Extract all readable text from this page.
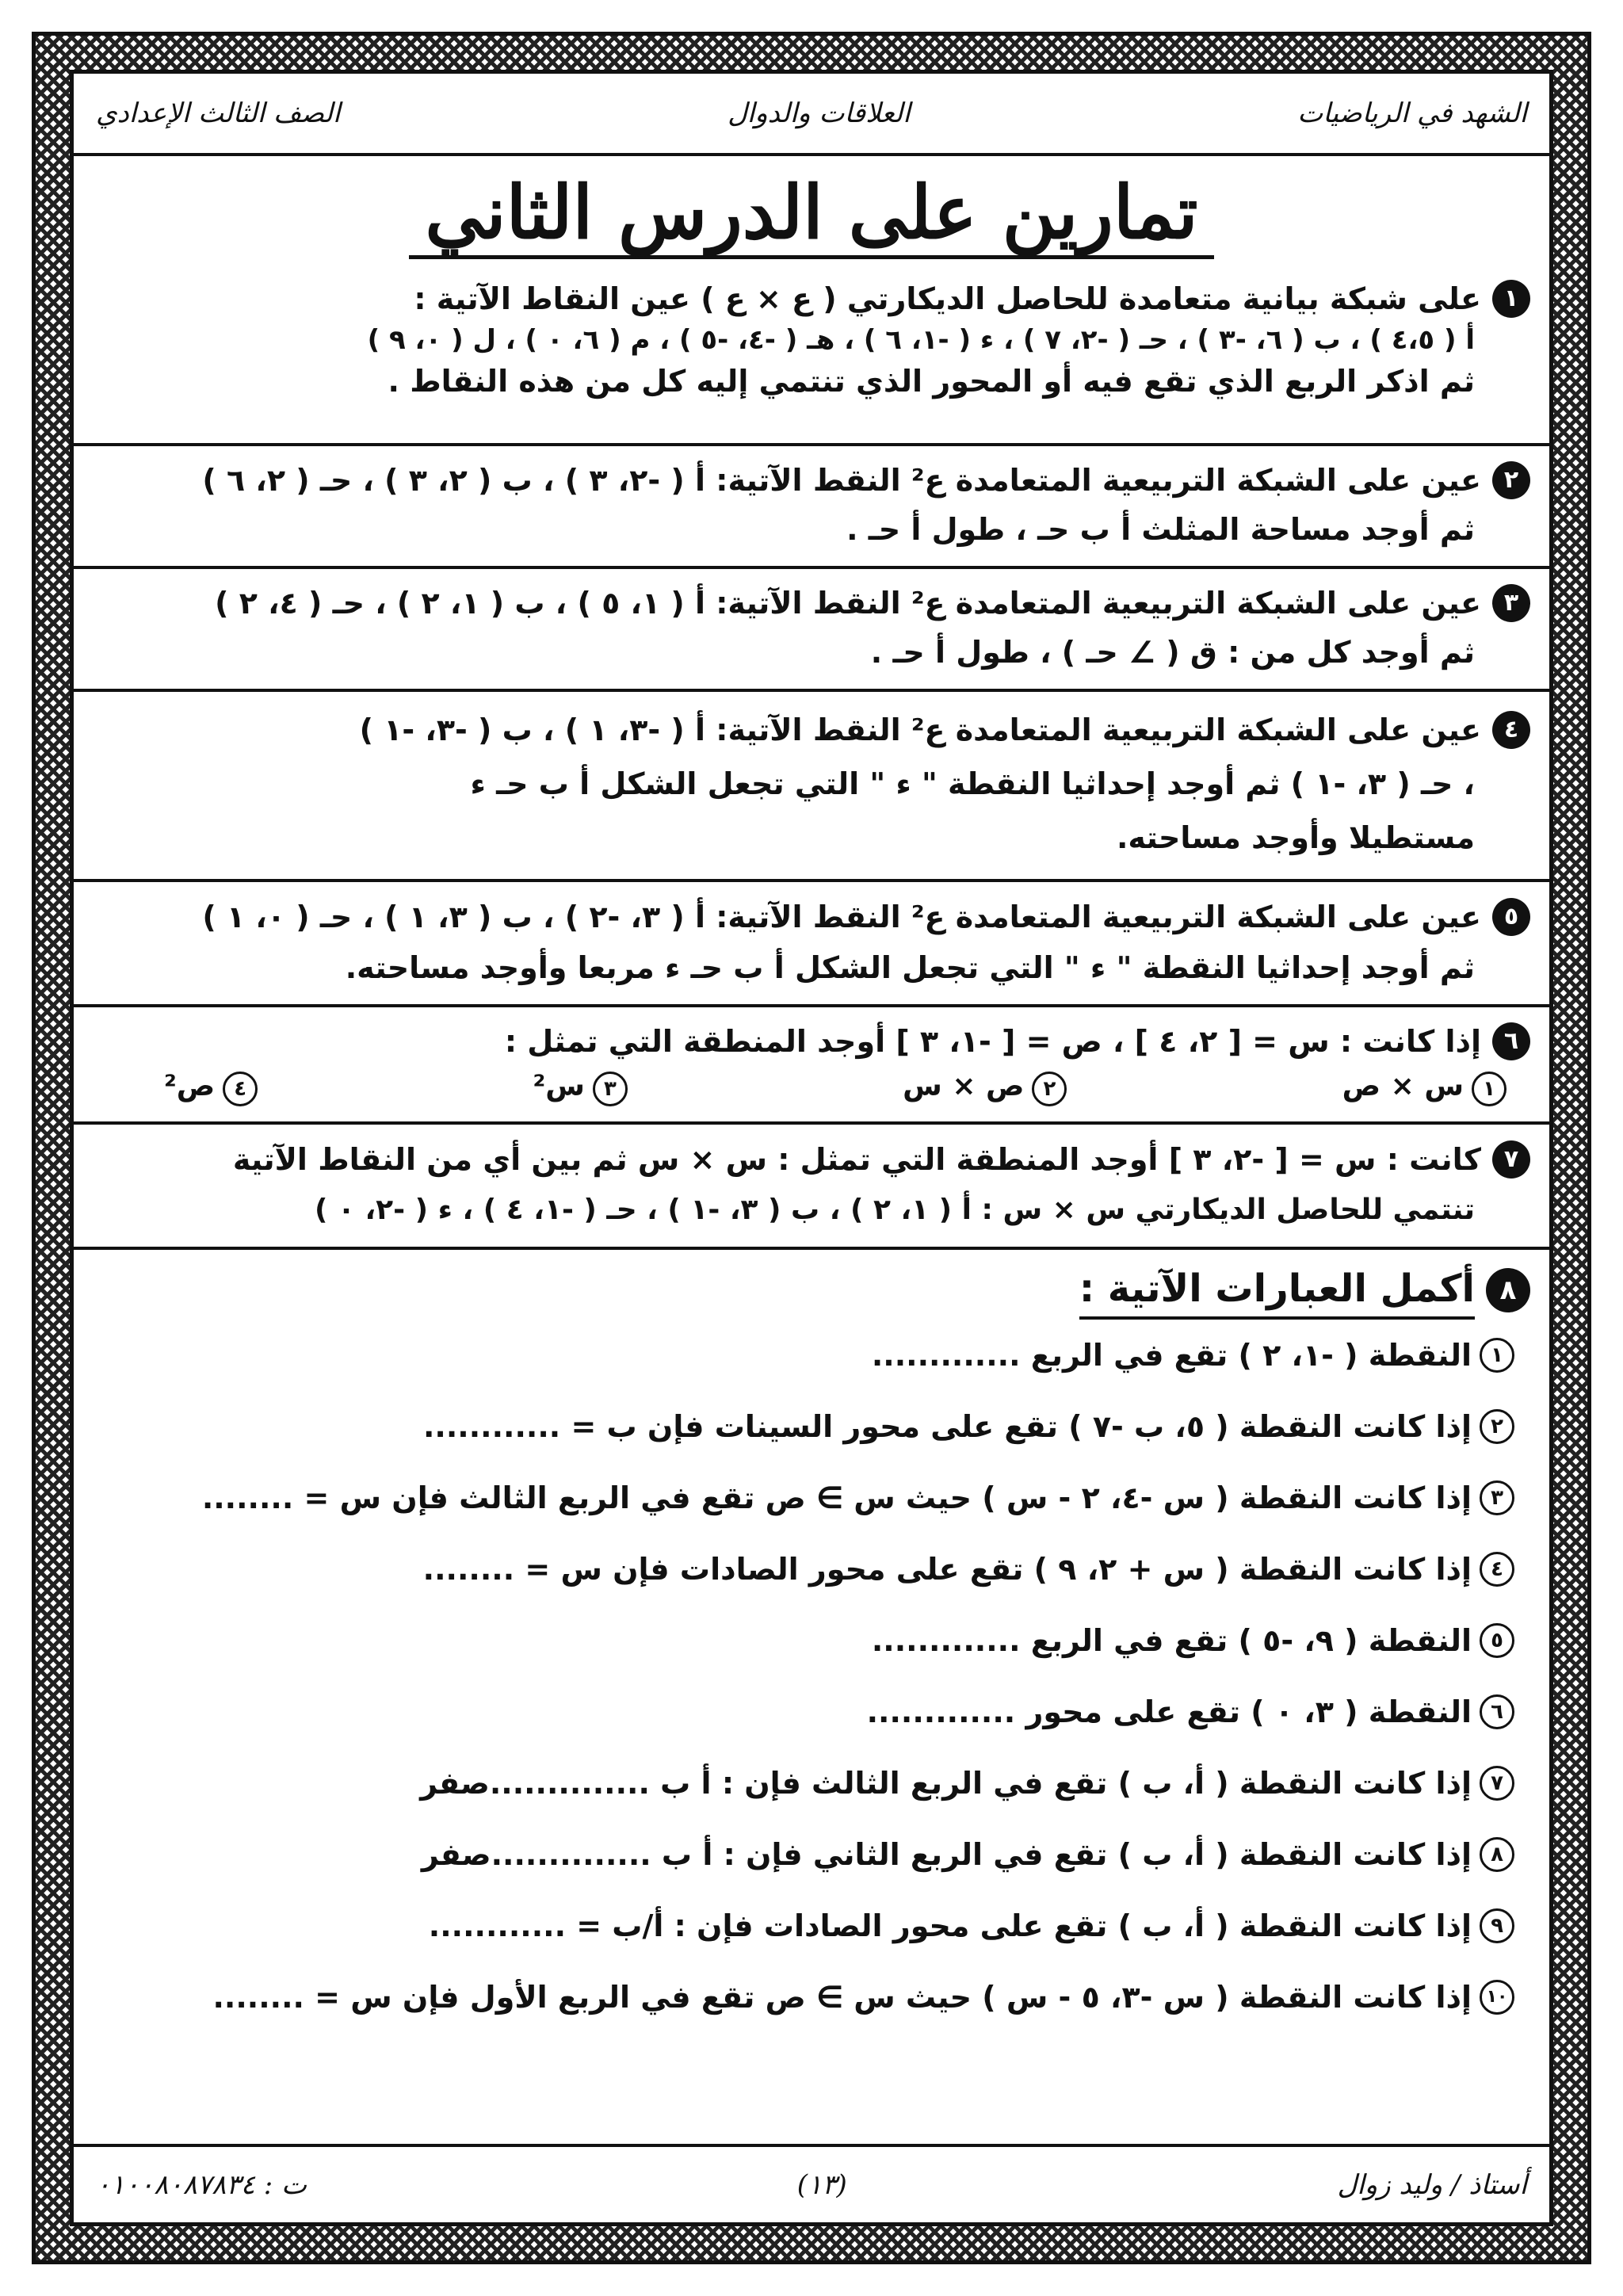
الشهد في الرياضيات
العلاقات والدوال
الصف الثالث الإعدادي
تمارين على الدرس الثاني
١
على شبكة بيانية متعامدة للحاصل الديكارتي ( ع × ع ) عين النقاط الآتية :
أ ( ٤،٥ ) ، ب ( ٦، -٣ ) ، حـ ( -٢، ٧ ) ، ء ( -١، ٦ ) ، هـ ( -٤، -٥ ) ، م ( ٦، ٠ ) ، ل ( ٠، ٩ )
ثم اذكر الربع الذي تقع فيه أو المحور الذي تنتمي إليه كل من هذه النقاط .
٢
عين على الشبكة التربيعية المتعامدة ع² النقط الآتية: أ ( -٢، ٣ ) ، ب ( ٢، ٣ ) ، حـ ( ٢، ٦ )
ثم أوجد مساحة المثلث أ ب حـ ، طول أ حـ .
٣
عين على الشبكة التربيعية المتعامدة ع² النقط الآتية: أ ( ١، ٥ ) ، ب ( ١، ٢ ) ، حـ ( ٤، ٢ )
ثم أوجد كل من : ق ( ∠ حـ ) ، طول أ حـ .
٤
عين على الشبكة التربيعية المتعامدة ع² النقط الآتية: أ ( -٣، ١ ) ، ب ( -٣، -١ )
، حـ ( ٣، -١ ) ثم أوجد إحداثيا النقطة " ء " التي تجعل الشكل أ ب حـ ء
مستطيلا وأوجد مساحته.
٥
عين على الشبكة التربيعية المتعامدة ع² النقط الآتية: أ ( ٣، -٢ ) ، ب ( ٣، ١ ) ، حـ ( ٠، ١ )
ثم أوجد إحداثيا النقطة " ء " التي تجعل الشكل أ ب حـ ء مربعا وأوجد مساحته.
٦
إذا كانت : س = [ ٢، ٤ ] ، ص = [ -١، ٣ ] أوجد المنطقة التي تمثل :
١س × ص
٢ص × س
٣س²
٤ص²
٧
كانت : س = [ -٢، ٣ ] أوجد المنطقة التي تمثل : س × س ثم بين أي من النقاط الآتية
تنتمي للحاصل الديكارتي س × س : أ ( ١، ٢ ) ، ب ( ٣، -١ ) ، حـ ( -١، ٤ ) ، ء ( -٢، ٠ )
٨
أكمل العبارات الآتية :
١
النقطة ( -١، ٢ ) تقع في الربع .............
٢
إذا كانت النقطة ( ٥، ب -٧ ) تقع على محور السينات فإن ب = ............
٣
إذا كانت النقطة ( س -٤، ٢ - س ) حيث س ∋ ص تقع في الربع الثالث فإن س = ........
٤
إذا كانت النقطة ( س + ٢، ٩ ) تقع على محور الصادات فإن س = ........
٥
النقطة ( ٩، -٥ ) تقع في الربع .............
٦
النقطة ( ٣، ٠ ) تقع على محور .............
٧
إذا كانت النقطة ( أ، ب ) تقع في الربع الثالث فإن : أ ب ..............صفر
٨
إذا كانت النقطة ( أ، ب ) تقع في الربع الثاني فإن : أ ب ..............صفر
٩
إذا كانت النقطة ( أ، ب ) تقع على محور الصادات فإن : أ/ب = ............
١٠
إذا كانت النقطة ( س -٣، ٥ - س ) حيث س ∋ ص تقع في الربع الأول فإن س = ........
أستاذ / وليد زوال
(١٣)
ت : ٠١٠٠٨٠٨٧٨٣٤
